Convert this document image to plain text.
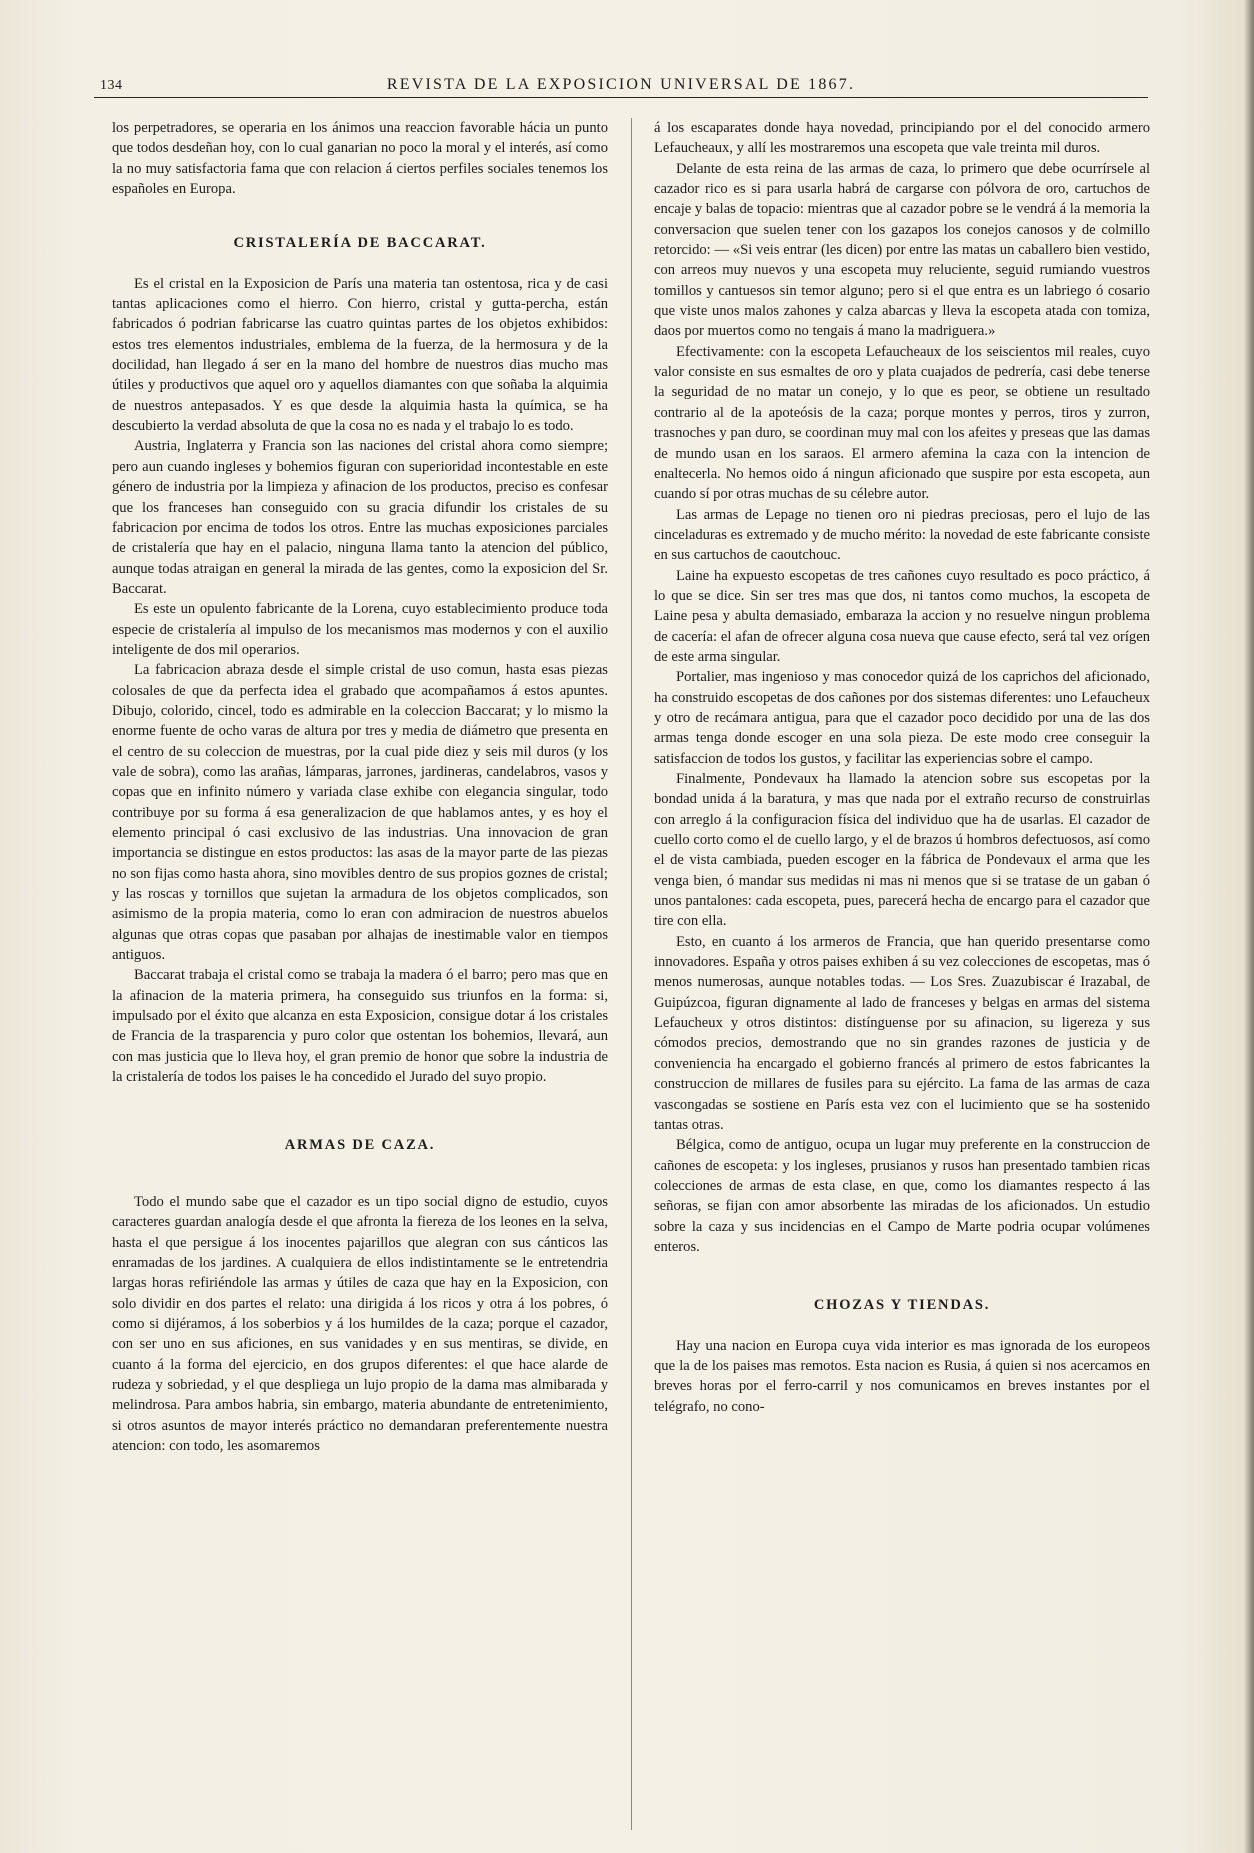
134	REVISTA DE LA EXPOSICION UNIVERSAL DE 1867.

los perpetradores, se operaria en los ánimos una reaccion favorable hácia un punto que todos desdeñan hoy, con lo cual ganarian no poco la moral y el interés, así como la no muy satisfactoria fama que con relacion á ciertos perfiles sociales tenemos los españoles en Europa.

CRISTALERÍA DE BACCARAT.

Es el cristal en la Exposicion de París una materia tan ostentosa, rica y de casi tantas aplicaciones como el hierro. Con hierro, cristal y gutta-percha, están fabricados ó podrian fabricarse las cuatro quintas partes de los objetos exhibidos: estos tres elementos industriales, emblema de la fuerza, de la hermosura y de la docilidad, han llegado á ser en la mano del hombre de nuestros dias mucho mas útiles y productivos que aquel oro y aquellos diamantes con que soñaba la alquimia de nuestros antepasados. Y es que desde la alquimia hasta la química, se ha descubierto la verdad absoluta de que la cosa no es nada y el trabajo lo es todo.

Austria, Inglaterra y Francia son las naciones del cristal ahora como siempre; pero aun cuando ingleses y bohemios figuran con superioridad incontestable en este género de industria por la limpieza y afinacion de los productos, preciso es confesar que los franceses han conseguido con su gracia difundir los cristales de su fabricacion por encima de todos los otros. Entre las muchas exposiciones parciales de cristalería que hay en el palacio, ninguna llama tanto la atencion del público, aunque todas atraigan en general la mirada de las gentes, como la exposicion del Sr. Baccarat.

Es este un opulento fabricante de la Lorena, cuyo establecimiento produce toda especie de cristalería al impulso de los mecanismos mas modernos y con el auxilio inteligente de dos mil operarios.

La fabricacion abraza desde el simple cristal de uso comun, hasta esas piezas colosales de que da perfecta idea el grabado que acompañamos á estos apuntes. Dibujo, colorido, cincel, todo es admirable en la coleccion Baccarat; y lo mismo la enorme fuente de ocho varas de altura por tres y media de diámetro que presenta en el centro de su coleccion de muestras, por la cual pide diez y seis mil duros (y los vale de sobra), como las arañas, lámparas, jarrones, jardineras, candelabros, vasos y copas que en infinito número y variada clase exhibe con elegancia singular, todo contribuye por su forma á esa generalizacion de que hablamos antes, y es hoy el elemento principal ó casi exclusivo de las industrias. Una innovacion de gran importancia se distingue en estos productos: las asas de la mayor parte de las piezas no son fijas como hasta ahora, sino movibles dentro de sus propios goznes de cristal; y las roscas y tornillos que sujetan la armadura de los objetos complicados, son asimismo de la propia materia, como lo eran con admiracion de nuestros abuelos algunas que otras copas que pasaban por alhajas de inestimable valor en tiempos antiguos.

Baccarat trabaja el cristal como se trabaja la madera ó el barro; pero mas que en la afinacion de la materia primera, ha conseguido sus triunfos en la forma: si, impulsado por el éxito que alcanza en esta Exposicion, consigue dotar á los cristales de Francia de la trasparencia y puro color que ostentan los bohemios, llevará, aun con mas justicia que lo lleva hoy, el gran premio de honor que sobre la industria de la cristalería de todos los paises le ha concedido el Jurado del suyo propio.

ARMAS DE CAZA.

Todo el mundo sabe que el cazador es un tipo social digno de estudio, cuyos caracteres guardan analogía desde el que afronta la fiereza de los leones en la selva, hasta el que persigue á los inocentes pajarillos que alegran con sus cánticos las enramadas de los jardines. A cualquiera de ellos indistintamente se le entretendria largas horas refiriéndole las armas y útiles de caza que hay en la Exposicion, con solo dividir en dos partes el relato: una dirigida á los ricos y otra á los pobres, ó como si dijéramos, á los soberbios y á los humildes de la caza; porque el cazador, con ser uno en sus aficiones, en sus vanidades y en sus mentiras, se divide, en cuanto á la forma del ejercicio, en dos grupos diferentes: el que hace alarde de rudeza y sobriedad, y el que despliega un lujo propio de la dama mas almibarada y melindrosa. Para ambos habria, sin embargo, materia abundante de entretenimiento, si otros asuntos de mayor interés práctico no demandaran preferentemente nuestra atencion: con todo, les asomaremos

á los escaparates donde haya novedad, principiando por el del conocido armero Lefaucheaux, y allí les mostraremos una escopeta que vale treinta mil duros.

Delante de esta reina de las armas de caza, lo primero que debe ocurrírsele al cazador rico es si para usarla habrá de cargarse con pólvora de oro, cartuchos de encaje y balas de topacio: mientras que al cazador pobre se le vendrá á la memoria la conversacion que suelen tener con los gazapos los conejos canosos y de colmillo retorcido: — «Si veis entrar (les dicen) por entre las matas un caballero bien vestido, con arreos muy nuevos y una escopeta muy reluciente, seguid rumiando vuestros tomillos y cantuesos sin temor alguno; pero si el que entra es un labriego ó cosario que viste unos malos zahones y calza abarcas y lleva la escopeta atada con tomiza, daos por muertos como no tengais á mano la madriguera.»

Efectivamente: con la escopeta Lefaucheaux de los seiscientos mil reales, cuyo valor consiste en sus esmaltes de oro y plata cuajados de pedrería, casi debe tenerse la seguridad de no matar un conejo, y lo que es peor, se obtiene un resultado contrario al de la apoteósis de la caza; porque montes y perros, tiros y zurron, trasnoches y pan duro, se coordinan muy mal con los afeites y preseas que las damas de mundo usan en los saraos. El armero afemina la caza con la intencion de enaltecerla. No hemos oido á ningun aficionado que suspire por esta escopeta, aun cuando sí por otras muchas de su célebre autor.

Las armas de Lepage no tienen oro ni piedras preciosas, pero el lujo de las cinceladuras es extremado y de mucho mérito: la novedad de este fabricante consiste en sus cartuchos de caoutchouc.

Laine ha expuesto escopetas de tres cañones cuyo resultado es poco práctico, á lo que se dice. Sin ser tres mas que dos, ni tantos como muchos, la escopeta de Laine pesa y abulta demasiado, embaraza la accion y no resuelve ningun problema de cacería: el afan de ofrecer alguna cosa nueva que cause efecto, será tal vez orígen de este arma singular.

Portalier, mas ingenioso y mas conocedor quizá de los caprichos del aficionado, ha construido escopetas de dos cañones por dos sistemas diferentes: uno Lefaucheux y otro de recámara antigua, para que el cazador poco decidido por una de las dos armas tenga donde escoger en una sola pieza. De este modo cree conseguir la satisfaccion de todos los gustos, y facilitar las experiencias sobre el campo.

Finalmente, Pondevaux ha llamado la atencion sobre sus escopetas por la bondad unida á la baratura, y mas que nada por el extraño recurso de construirlas con arreglo á la configuracion física del individuo que ha de usarlas. El cazador de cuello corto como el de cuello largo, y el de brazos ú hombros defectuosos, así como el de vista cambiada, pueden escoger en la fábrica de Pondevaux el arma que les venga bien, ó mandar sus medidas ni mas ni menos que si se tratase de un gaban ó unos pantalones: cada escopeta, pues, parecerá hecha de encargo para el cazador que tire con ella.

Esto, en cuanto á los armeros de Francia, que han querido presentarse como innovadores. España y otros paises exhiben á su vez colecciones de escopetas, mas ó menos numerosas, aunque notables todas. — Los Sres. Zuazubiscar é Irazabal, de Guipúzcoa, figuran dignamente al lado de franceses y belgas en armas del sistema Lefaucheux y otros distintos: distínguense por su afinacion, su ligereza y sus cómodos precios, demostrando que no sin grandes razones de justicia y de conveniencia ha encargado el gobierno francés al primero de estos fabricantes la construccion de millares de fusiles para su ejército. La fama de las armas de caza vascongadas se sostiene en París esta vez con el lucimiento que se ha sostenido tantas otras.

Bélgica, como de antiguo, ocupa un lugar muy preferente en la construccion de cañones de escopeta: y los ingleses, prusianos y rusos han presentado tambien ricas colecciones de armas de esta clase, en que, como los diamantes respecto á las señoras, se fijan con amor absorbente las miradas de los aficionados. Un estudio sobre la caza y sus incidencias en el Campo de Marte podria ocupar volúmenes enteros.

CHOZAS Y TIENDAS.

Hay una nacion en Europa cuya vida interior es mas ignorada de los europeos que la de los paises mas remotos. Esta nacion es Rusia, á quien si nos acercamos en breves horas por el ferro-carril y nos comunicamos en breves instantes por el telégrafo, no cono-
